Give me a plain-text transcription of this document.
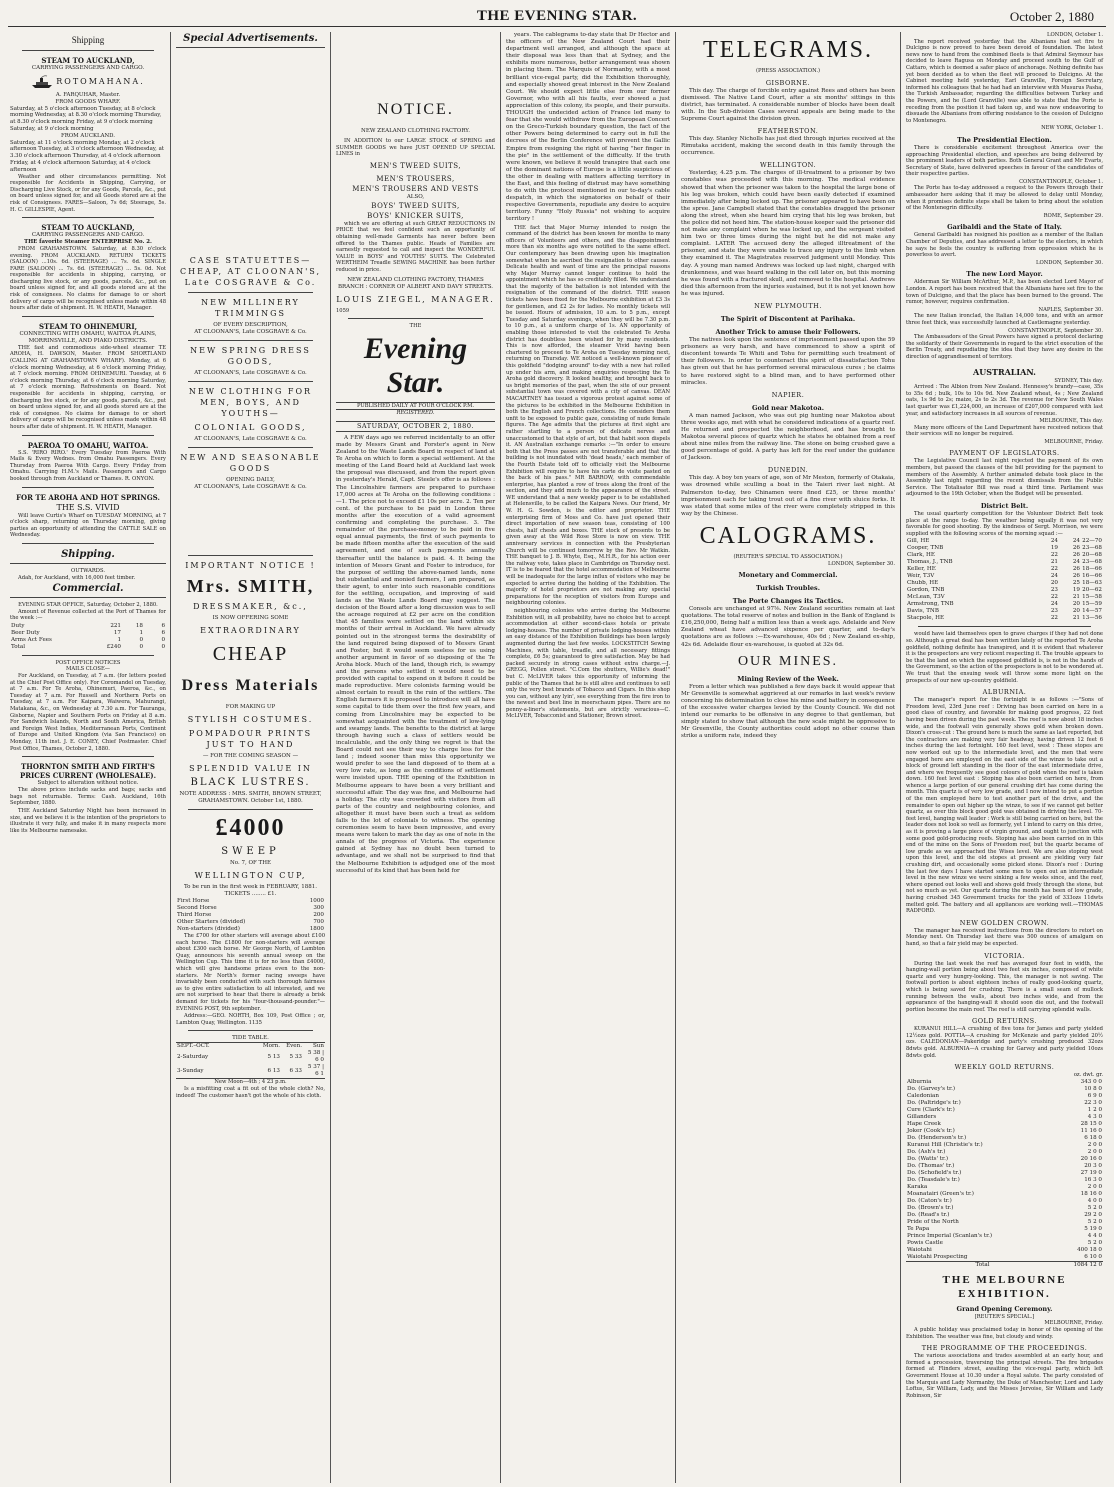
THE EVENING STAR.	October 2, 1880
Shipping
STEAM TO AUCKLAND,
CARRYING PASSENGERS AND CARGO.
ROTOMAHANA.
A. FARQUHAR, Master.
FROM GOODS WHARF.
Saturday, at 5 o'clock afternoon Tuesday, at 8 o'clock morning Wednesday, at 8.30 o'clock morning Thursday, at 8.30 o'clock morning Friday, at 9 o'clock morning Saturday, at 9 o'clock morning
FROM AUCKLAND.
Saturday, at 11 o'clock morning Monday, at 2 o'clock afternoon Tuesday, at 3 o'clock afternoon Wednesday, at 3.30 o'clock afternoon Thursday, at 4 o'clock afternoon Friday, at 4 o'clock afternoon Saturday, at 4 o'clock afternoon
Weather and other circumstances permitting. Not responsible for Accidents in Shipping, Carrying, or Discharging Live Stock, or for any Goods, Parcels, &c., put on board unless signed for, and all Goods stored are at the risk of Consignees. FARES—Saloon, 7s 6d; Steerage, 5s. H. C. GILLESPIE, Agent.
STEAM TO AUCKLAND,
CARRYING PASSENGERS AND CARGO.
THE favorite Steamer ENTERPRISE No. 2.
FROM GRAHAMSTOWN. Saturday, at 8.30 o'clock evening. FROM AUCKLAND. RETURN TICKETS (SALOON) ...10s. 6d. (STEERAGE) ... 7s. 6d. SINGLE FARE (SALOON) ... 7s. 6d. (STEERAGE) ... 5s. 0d. Not responsible for accidents in shipping, carrying, or discharging live stock, or any goods, parcels, &c., put on board unless signed for, and all goods stored are at the risk of consignees. No claims for damage to or short delivery of cargo will be recognised unless made within 48 hours after date of shipment. H. W. HEATH, Manager.
STEAM TO OHINEMURI,
CONNECTING WITH OMAHU, WAITOA PLAINS, MORRINSVILLE, AND PIAKO DISTRICTS.
THE fast and commodious side-wheel steamer TE AROHA, H. DAWSON, Master. FROM SHORTLAND (CALLING AT GRAHAMSTOWN WHARF). Monday, at 6 o'clock morning Wednesday, at 6 o'clock morning Friday, at 7 o'clock morning. FROM OHINEMURI. Tuesday, at 6 o'clock morning Thursday, at 6 o'clock morning Saturday, at 7 o'clock morning. Refreshments on Board. Not responsible for accidents in shipping, carrying, or discharging live stock, or for any goods, parcels, &c., put on board unless signed for, and all goods stored are at the risk of consignee. No claims for damage to or short delivery of cargo will be recognised unless made within 48 hours after date of shipment. H. W. HEATH, Manager.
PAEROA TO OMAHU, WAITOA.
S.S. 'RIRO RIRO.' Every Tuesday from Paeroa With Mails & Every Wednes. from Omahu Passengers. Every Thursday from Paeroa With Cargo. Every Friday from Omahu. Carrying H.M.'s Mails. Passengers and Cargo booked through from Auckland or Thames. R. ONYON.
FOR TE AROHA AND HOT SPRINGS.
THE S.S. VIVID
Will leave Curtis's Wharf on TUESDAY MORNING, at 7 o'clock sharp, returning on Thursday morning, giving parties an opportunity of attending the CATTLE SALE on Wednesday.
Shipping.
OUTWARDS.
Adah, for Auckland, with 16,000 feet timber.
Commercial.
EVENING STAR OFFICE, Saturday, October 2, 1880.
Amount of Revenue collected at the Port of Thames for the week :—
Duty	221	18	6
Beer Duty	17	1	6
Arms Act Fees	1	0	0
Total	£240	0	0
POST OFFICE NOTICES
MAILS CLOSE—
For Auckland, on Tuesday, at 7 a.m. (for letters posted at the Chief Post Office only). For Coromandel on Tuesday, at 7 a.m. For Te Aroha, Ohinemuri, Paeroa, &c., on Tuesday at 7 a.m. For Russell and Northern Ports on Tuesday, at 7 a.m. For Kaipara, Waiwera, Mahurangi, Matakana, &c., on Wednesday at 7.30 a.m. For Tauranga, Gisborne, Napier and Southern Ports on Friday at 8 a.m. For Sandwich Islands, North and South America, British and Foreign West Indies, Mediterranean Ports, Continent of Europe and United Kingdom (via San Francisco) on Monday, 11th inst. J. E. CONEY, Chief Postmaster. Chief Post Office, Thames, October 2, 1880.
THORNTON SMITH AND FIRTH'S PRICES CURRENT (WHOLESALE).
Subject to alteration without notice.
The above prices include sacks and bags; sacks and bags not returnable. Terms: Cash. Auckland, 16th September, 1880.
THE Auckland Saturday Night has been increased in size, and we believe it is the intention of the proprietors to illustrate it very fully, and make it in many respects more like its Melbourne namesake.
Special Advertisements.
CASE STATUETTES—CHEAP, AT CLOONAN'S, Late COSGRAVE & Co.
NEW MILLINERY TRIMMINGS
OF EVERY DESCRIPTION,
AT CLOONAN'S, Late COSGRAVE & Co.
NEW SPRING DRESS GOODS,
AT CLOONAN'S, Late COSGRAVE & Co.
NEW CLOTHING FOR MEN, BOYS, AND YOUTHS—
COLONIAL GOODS,
AT CLOONAN'S, Late COSGRAVE & Co.
NEW AND SEASONABLE GOODS
OPENING DAILY,
AT CLOONAN'S, Late COSGRAVE & Co.
IMPORTANT NOTICE !
Mrs. SMITH,
DRESSMAKER, &c.,
IS NOW OFFERING SOME
EXTRAORDINARY
CHEAP
Dress Materials
FOR MAKING UP
STYLISH COSTUMES.
POMPADOUR PRINTS JUST TO HAND
— FOR THE COMING SEASON —
SPLENDID VALUE IN
BLACK LUSTRES.
NOTE ADDRESS : MRS. SMITH, BROWN STREET, GRAHAMSTOWN. October 1st, 1880.
£4000
SWEEP
No. 7, OF THE
WELLINGTON CUP,
To be run in the first week in FEBRUARY, 1881.
TICKETS ........ £1.
First Horse	1000
Second Horse	300
Third Horse	200
Other Starters (divided)	700
Non-starters (divided)	1800
The £700 for other starters will average about £100 each horse. The £1800 for non-starters will average about £300 each horse. Mr George North, of Lambton Quay, announces his seventh annual sweep on the Wellington Cup. This time it is for no less than £4000, which will give handsome prizes even to the non-starters. Mr North's former racing sweeps have invariably been conducted with such thorough fairness as to give entire satisfaction to all interested, and we are not surprised to hear that there is already a brisk demand for tickets for his "four-thousand-pounder."—EVENING POST, 9th september.
Address:—GEO. NORTH, Box 109, Post Office ; or, Lambton Quay, Wellington. 1135
TIDE TABLE.
SEPT.–OCT.	Morn.	Even.	Sun
2-Saturday	5 13	5 33	5 38 | 6 0
3-Sunday	6 13	6 33	5 37 | 6 1
New Moon—4th ; 4 23 p.m.
Is a misfitting coat a fit out of the whole cloth? No, indeed! The customer hasn't got the whole of his cloth.
NOTICE.
NEW ZEALAND CLOTHING FACTORY.
IN ADDITION to our LARGE STOCK of SPRING and SUMMER GOODS we have JUST OPENED UP SPECIAL LINES in
MEN'S TWEED SUITS,
MEN'S TROUSERS,
MEN'S TROUSERS AND VESTS
ALSO,
BOYS' TWEED SUITS,
BOYS' KNICKER SUITS,
which we are offering at such GREAT REDUCTIONS IN PRICE that we feel confident such an opportunity of obtaining well-made Garments has never before been offered to the Thames public. Heads of Families are earnestly requested to call and inspect the WONDERFUL VALUE in BOYS' and YOUTHS' SUITS. The Celebrated WERTHEIM Treadle SEWING MACHINE has been further reduced in price.
NEW ZEALAND CLOTHING FACTORY, THAMES BRANCH : CORNER OF ALBERT AND DAVY STREETS.
LOUIS ZIEGEL, MANAGER.
1059
THE
Evening Star.
PUBLISHED DAILY AT FOUR O'CLOCK P.M.
REGISTERED.
SATURDAY, OCTOBER 2, 1880.
A FEW days ago we referred incidentally to an offer made by Messrs Grant and Forster's agent in New Zealand to the Waste Lands Board in respect of land at Te Aroha on which to form a special settlement. At the meeting of the Land Board held at Auckland last week the proposal was discussed, and from the report given in yesterday's Herald, Capt. Steele's offer is as follows : The Lincolnshire farmers are prepared to purchase 17,000 acres at Te Aroha on the following conditions :—1. The price not to exceed £1 10s per acre. 2. Ten per cent. of the purchase to be paid in London three months after the execution of a valid agreement confirming and completing the purchase. 3. The remainder of the purchase-money to be paid in five equal annual payments, the first of such payments to be made fifteen months after the execution of the said agreement, and one of such payments annually thereafter until the balance is paid. 4. It being the intention of Messrs Grant and Foster to introduce, for the purpose of settling the above-named lands, none but substantial and monied farmers, I am prepared, as their agent, to enter into such reasonable conditions for the settling, occupation, and improving of said lands as the Waste Lands Board may suggest. The decision of the Board after a long discussion was to sell the acreage required at £2 per acre on the condition that 45 families were settled on the land within six months of their arrival in Auckland. We have already pointed out in the strongest terms the desirability of the land required being disposed of to Messrs Grant and Foster, but it would seem useless for us using another argument in favor of so disposing of the Te Aroha block. Much of the land, though rich, is swampy and the persons who settled it would need to be provided with capital to expend on it before it could be made reproductive. Mere colonists farming would be almost certain to result in the ruin of the settlers. The English farmers it is proposed to introduce will all have some capital to tide them over the first few years, and coming from Lincolnshire may be expected to be somewhat acquainted with the treatment of low-lying and swampy lands. The benefits to the district at large through having such a class of settlers would be incalculable, and the only thing we regret is that the Board could not see their way to charge less for the land ; indeed sooner than miss this opportunity we would prefer to see the land disposed of to them at a very low rate, as long as the conditions of settlement were insisted upon. THE opening of the Exhibition in Melbourne appears to have been a very brilliant and successful affair. The day was fine, and Melbourne had a holiday. The city was crowded with visitors from all parts of the country and neighbouring colonies, and altogether it must have been such a treat as seldom falls to the lot of colonials to witness. The opening ceremonies seem to have been impressive, and every means were taken to mark the day as one of note in the annals of the progress of Victoria. The experience gained at Sydney has no doubt been turned to advantage, and we shall not be surprised to find that the Melbourne Exhibition is adjudged one of the most successful of its kind that has been held for
years. The cablegrams to-day state that Dr Hector and the officers of the New Zealand Court had their department well arranged, and although the space at their disposal was less than that at Sydney, and the exhibits more numerous, better arrangement was shown in placing them. The Marquis of Normanby, with a most brilliant vice-regal party, did the Exhibition thoroughly, and especially showed great interest in the New Zealand Court. We should expect little else from our former Governor, who with all his faults, ever showed a just appreciation of this colony, its people, and their pursuits. THOUGH the undecided action of France led many to fear that she would withdraw from the European Concert on the Greco-Turkish boundary question, the fact of the other Powers being determined to carry out in full the decrees of the Berlin Conference will prevent the Gallic Empire from resigning the right of having "her finger in the pie" in the settlement of the difficulty. If the truth were known, we believe it would transpire that each one of the dominant nations of Europe is a little suspicious of the other in dealing with matters affecting territory in the East, and this feeling of distrust may have something to do with the protocol mentioned in our to-day's cable despatch, in which the signatories on behalf of their respective Governments, repudiate any desire to acquire territory. Funny "Holy Russia" not wishing to acquire territory !
THE fact that Major Murray intended to resign the command of the district has been known for months to many officers of Volunteers and others, and the disappointment more than six months ago were notified to the same effect. Our contemporary has been drawing upon his imagination somewhat when he ascribed the resignation to other causes. Delicate health and want of time are the principal reasons why Major Murray cannot longer continue to hold the appointment which he has so creditably filled. We understand that the majority of the battalion is not intended with the resignation of the command of the district. THE season tickets have been fixed for the Melbourne exhibition at £3 3s for gentlemen, and £2 2s for ladies. No monthly tickets will be issued. Hours of admission, 10 a.m. to 5 p.m., except Tuesday and Saturday evenings, when they will be 7.30 p.m. to 10 p.m., at a uniform charge of 1s. AN opportunity of enabling those interested to visit the celebrated Te Aroha district has doubtless been wished for by many residents. This is now afforded, the steamer Vivid having been chartered to proceed to Te Aroha on Tuesday morning next, returning on Thursday. WE noticed a well-known pioneer of this goldfield "dodging around" to-day with a new hat rolled up under his arm, and making enquiries respecting the Te Aroha gold discovery. It looked healthy, and brought back to us bright memories of the past, when the site of our present substantial town was covered with a city of canvas. DEAN MACARTNEY has issued a vigorous protest against some of the pictures to be exhibited in the Melbourne Exhibition in both the English and French collections. He considers them unfit to be exposed to public gaze, consisting of nude female figures. The Age admits that the pictures at first sight are rather startling to a person of delicate nerves and unaccustomed to that style of art, but that habit soon dispels it. AN Australian exchange remarks :—"In order to ensure both that the Press passes are not transferable and that the building is not inundated with 'dead heads,' each member of the Fourth Estate told off to officially visit the Melbourne Exhibition will require to have his carte de visite pasted on the back of his pass." MR BARROW, with commendable enterprise, has planted a row of trees along the front of the section, and they add much to the appearance of the street. WE understand that a new weekly paper is to be established at Helensville, to be called the Kaipara News. Our friend, Mr W. H. G. Sowden, is the editor and proprietor. THE enterprising firm of Moss and Co. have just opened their direct importation of new season teas, consisting of 100 chests, half chests and boxes. THE stock of presents to be given away at the Wild Rose Store is now on view. THE anniversary services in connection with the Presbyterian Church will be continued tomorrow by the Rev. Mr Watkin. THE banquet to J. B. Whyte, Esq., M.H.R., for his action over the railway vote, takes place in Cambridge on Thursday next. IT is to be feared that the hotel accommodation of Melbourne will be inadequate for the large influx of visitors who may be expected to arrive during the holding of the Exhibition. The majority of hotel proprietors are not making any special preparations for the reception of visitors from Europe and neighbouring colonies.
neighbouring colonies who arrive during the Melbourne Exhibition will, in all probability, have no choice but to accept accommodation at either second-class hotels or private lodging-houses. The number of private lodging-houses within an easy distance of the Exhibition Buildings has been largely augmented during the last few weeks. LOCKSTITCH Sewing Machines, with table, treadle, and all necessary fittings complete, £6 5s; guaranteed to give satisfaction. May be had packed securely in strong cases without extra charge.—J. GREGG, Pollen street. "C.Com the shutters, Willie's dead!" but C. McLIVER takes this opportunity of informing the public of the Thames that he is still alive and continues to sell only the very best brands of Tobacco and Cigars. In this shop you can, without any lyin', see everything from the fire iron to the newest and best line in meerschaum pipes. There are no penny-a-liner's statements, but are strictly veracious—C. McLIVER, Tobacconist and Stationer, Brown street.
TELEGRAMS.
(PRESS ASSOCIATION.)
GISBORNE.
This day. The charge of forcible entry against Rees and others has been dismissed. The Native Land Court, after a six months' sittings in this district, has terminated. A considerable number of blocks have been dealt with. In the Sub-division Cases several appeals are being made to the Supreme Court against the division given.
FEATHERSTON.
This day. Stanley Nicholls has just died through injuries received at the Rimutaka accident, making the second death in this family through the occurrence.
WELLINGTON.
Yesterday, 4.25 p.m. The charges of ill-treatment to a prisoner by two constables was proceeded with this morning. The medical evidence showed that when the prisoner was taken to the hospital the large bone of his leg was broken, which could have been easily detected if examined immediately after being locked up. The prisoner appeared to have been on the spree. Jane Campbell stated that the constables dragged the prisoner along the street, when she heard him crying that his leg was broken, but the police did not heed him. The station-house keeper said the prisoner did not make any complaint when he was locked up, and the sergeant visited him two or three times during the night but he did not make any complaint. LATER The accused deny the alleged illtreatment of the prisoner, and state they were unable to trace any injury to the limb when they examined it. The Magistrates reserved judgment until Monday. This day. A young man named Andrews was locked up last night, charged with drunkenness, and was heard walking in the cell later on, but this morning he was found with a fractured skull, and removed to the hospital. Andrews died this afternoon from the injuries sustained, but it is not yet known how he was injured.
NEW PLYMOUTH.
The Spirit of Discontent at Parihaka.
Another Trick to amuse their Followers.
The natives look upon the sentence of imprisonment passed upon the 59 prisoners as very harsh, and have commenced to show a spirit of discontent towards Te Whiti and Tohu for permitting such treatment of their followers. In order to counteract this spirit of dissatisfaction Tohu has given out that he has performed several miraculous cures ; he claims to have restored sight to a blind man, and to have performed other miracles.
NAPIER.
Gold near Makotoa.
A man named Jackson, who was out pig hunting near Makotoa about three weeks ago, met with what he considered indications of a quartz reef. He returned and prospected the neighborhood, and has brought to Makotoa several pieces of quartz which he states he obtained from a reef about nine miles from the railway line. The stone on being crushed gave a good percentage of gold. A party has left for the reef under the guidance of Jackson.
DUNEDIN.
This day. A boy ten years of age, son of Mr Meston, formerly of Otakaia, was drowned while sculling a boat in the Taieri river last night. At Palmerston to-day, two Chinamen were fined £25, or three months' imprisonment each for taking trout out of a fine river with sluice forks. It was stated that some miles of the river were completely stripped in this way by the Chinese.
CALOGRAMS.
(REUTER'S SPECIAL TO ASSOCIATION.)
LONDON, September 30.
Monetary and Commercial.
Turkish Troubles.
The Porte Changes its Tactics.
Consols are unchanged at 97⅝. New Zealand securities remain at last quotations. The total reserve of notes and bullion in the Bank of England is £16,250,000, Being half a million less than a week ago. Adelaide and New Zealand wheat have advanced sixpence per quarter, and to-day's quotations are as follows :—Ex-warehouse, 40s 6d ; New Zealand ex-ship, 42s 6d. Adelaide flour ex-warehouse, is quoted at 32s 6d.
OUR MINES.
Mining Review of the Week.
From a letter which was published a few days back it would appear that Mr Greenville is somewhat aggrieved at our remarks in last week's review concerning his determination to close his mine and battery in consequence of the excessive water charges levied by the County Council. We did not intend our remarks to be offensive in any degree to that gentleman, but simply stated to show that although the new scale might be oppressive to Mr Greenville, the County authorities could adopt no other course than strike a uniform rate, indeed they
LONDON, October 1.
The report received yesterday that the Albanians had set fire to Dulcigno is now proved to have been devoid of foundation. The latest news now to hand from the combined fleets is that Admiral Seymour has decided to leave Ragusa on Monday and proceed south to the Gulf of Cattaro, which is deemed a safer place of anchorage. Nothing definite has yet been decided as to when the fleet will proceed to Dulcigno. At the Cabinet meeting held yesterday, Earl Granville, Foreign Secretary, informed his colleagues that he had had an interview with Musurus Pasha, the Turkish Ambassador, regarding the difficulties between Turkey and the Powers, and he (Lord Granville) was able to state that the Porte is receding from the position it had taken up, and was now endeavoring to dissuade the Albanians from offering resistance to the cession of Dulcigno to Montenegro.
NEW YORK, October 1.
The Presidential Election.
There is considerable excitement throughout America over the approaching Presidential election, and speeches are being delivered by the prominent leaders of both parties. Both General Grant and Mr Evarts, Secretary of State, have delivered speeches in favour of the candidates of their respective parties.
CONSTANTINOPLE, October 1.
The Porte has to-day addressed a request to the Powers through their ambassador here asking that it may be allowed to delay until Monday, when it promises definite steps shall be taken to bring about the solution of the Montenegrin difficulty.
ROME, September 29.
Garibaldi and the State of Italy.
General Garibaldi has resigned his position as a member of the Italian Chamber of Deputies, and has addressed a letter to the electors, in which he says he feels the country is suffering from oppression which he is powerless to avert.
LONDON, September 30.
The new Lord Mayor.
Alderman Sir William McArthur, M.P., has been elected Lord Mayor of London. A report has been received that the Albanians have set fire to the town of Dulcigno, and that the place has been burned to the ground. The rumor, however, requires confirmation.
NAPLES, September 30.
The new Italian ironclad, the Italian 14,000 tons, and with an armor three feet thick, was successfully launched at Castlemagne yesterday.
CONSTANTINOPLE, September 30.
The Ambassadors of the Great Powers have signed a protocol declaring the solidarity of their Governments in regard to the strict execution of the Berlin Treaty, and repudiating the idea that they have any desire in the direction of aggrandisement of territory.
AUSTRALIAN.
SYDNEY, This day.
Arrived : The Albion from New Zealand. Hennessy's brandy—case, 35s to 35s 6d ; bulk, 10s to 10s 9d. New Zealand wheat, 4s ; New Zealand oats, 1s 9d to 2s; maize, 2s to 2s 3d. The revenue for New South Wales last quarter was £1,224,000, an increase of £207,000 compared with last year, and satisfactory increases in all sources of revenue.
MELBOURNE, This day.
Many more officers of the Land Department have received notices that their services will no longer be required.
MELBOURNE, Friday.
PAYMENT OF LEGISLATORS.
The Legislative Council last night rejected the payment of its own members, but passed the clauses of the bill providing for the payment to members of the Assembly. A further animated debate took place in the Assembly last night regarding the recent dismissals from the Public Service. The Totalisator Bill was read a third time. Parliament was adjourned to the 19th October, when the Budget will be presented.
District Belt.
The usual quarterly competition for the Volunteer District Belt took place at the range to-day. The weather being squally it was not very favorable for good shooting. By the kindness of Sergt. Morrison, we were supplied with the following scores of the morning squad :—
Gill, HE	24	24	22—70
Cooper, TNB	19	26	23—68
Clark, HE	22	26	20—68
Thomas, J., TNB	21	24	23—68
Keller, HE	22	26	18—66
Weir, T3V	24	26	16—66
Chubb, HE	20	25	18—63
Gordon, TNB	23	19	20—62
McLean, T3V	22	21	15—58
Armstrong, TNB	24	20	15—59
Davis, TNB	23	20	14—57
Stacpole, HE	22	21	13—56
would have laid themselves open to grave charges if they had not done so. Although a great deal has been written lately of the reported Te Aroha goldfield, nothing definite has transpired, and it is evident that whatever it is the prospectors are very reticent respecting it. The trouble appears to be that the land on which the supposed goldfield is, is not in the hands of the Government, so the action of the prospectors is not to be wondered at. We trust that the ensuing week will throw some more light on the prospects of our new up-country goldfield.
ALBURNIA.
The manager's report for the fortnight is as follows :—"Sons of Freedom level, 23rd June reef : Driving has been carried on here in a good class of country, and favorable for making good progress, 22 feet having been driven during the past week. The reef is now about 18 inches wide, and the footwall vein generally shows gold when broken down. Dixon's cross-cut : The ground here is much the same as last reported, but the contractors are making very fair headway, having driven 12 feet 6 inches during the last fortnight. 160 feet level, west : These stopes are now worked out up to the intermediate level, and the men that were engaged here are employed on the east side of the winze to take out a block of ground left standing in the floor of the east intermediate drive, and where we frequently see good colours of gold when the reef is taken down. 160 feet level east : Stoping has also been carried on here, from whence a large portion of our general crushing dirt has come during the month. This quartz is of very low grade, and I now intend to put a portion of the men employed here to test another part of the drive, and the remainder to open out higher up the winze, to see if we cannot get better quartz, as over this block good gold was obtained in driving the level. 70-feet level, hanging wall leader : Work is still being carried on here, but the leader does not look so well as formerly, yet I intend to carry on this drive, as it is proving a large piece of virgin ground, and ought to junction with some good gold-producing reefs. Stoping has also been carried on in this end of the mine on the Sons of Freedom reef, but the quartz became of low grade as we approached the Wises level. We are also stoping west upon this level, and the old stopes at present are yielding very fair crushing dirt, and occasionally some picked stone. Dixon's reef : During the last few days I have started some men to open out an intermediate level in the new winze we were sinking a few weeks since, and the reef, where opened out looks well and shows gold freely through the stone, but not so much as yet. Our quartz during the month has been of low grade, having crushed 345 Government trucks for the yield of 333ozs 11dwts melted gold. The battery and all appliances are working well.—THOMAS RADFORD.
NEW GOLDEN CROWN.
The manager has received instructions from the directors to retort on Monday next. On Thursday last there was 500 ounces of amalgam on hand, so that a fair yield may be expected.
VICTORIA.
During the last week the reef has averaged four feet in width, the hanging-wall portion being about two feet six inches, composed of white quartz and very hungry-looking. This, the manager is not saving. The footwall portion is about eighteen inches of really good-looking quartz, which is being saved for crushing. There is a small seam of mullock running between the walls, about two inches wide, and from the appearance of the hanging-wall it should soon die out, and the footwall portion become the main reef. The reef is still carrying splendid walls.
GOLD RETURNS.
KURANUI HILL—A crushing of five tons for James and party yielded 12½ozs gold. POTTIA—A crushing for McKenzie and party yielded 20½ ozs. CALEDONIAN—Pakeridge and party's crushing produced 32ozs 8dwts gold. ALBURNIA—A crushing for Garvey and party yielded 10ozs 8dwts gold.
WEEKLY GOLD RETURNS.
oz. dwt. gr.
Alburnia	343 0 0
Do. (Garvey's tr.)	10 8 0
Caledonian	6 9 0
Do. (Paltridge's tr.)	22 3 0
Cure (Clark's tr.)	1 2 0
Gillanders	4 3 0
Hape Creek	28 15 0
Joker (Cook's tr.)	11 16 0
Do. (Henderson's tr.)	6 18 0
Kuranui Hill (Christie's tr.)	2 0 0
Do. (Ash's tr.)	2 0 0
Do. (Watts' tr.)	20 16 0
Do. (Thomas' tr.)	20 3 0
Do. (Schofield's tr.)	27 19 0
Do. (Teasdale's tr.)	16 3 0
Karaka	2 0 0
Moanatairi (Green's tr.)	18 16 0
Do. (Caton's tr.)	4 0 0
Do. (Brown's tr.)	5 2 0
Do. (Read's tr.)	29 2 0
Pride of the North	5 2 0
Te Papa	5 19 0
Prince Imperial (Scanlan's tr.)	4 4 0
Powis Castle	5 2 0
Waiotahi	400 18 0
Waiotahi Prospecting	6 10 0
Total	1084 12 0
THE MELBOURNE EXHIBITION.
Grand Opening Ceremony.
[REUTER'S SPECIAL.]
MELBOURNE, Friday.
A public holiday was proclaimed today in honor of the opening of the Exhibition. The weather was fine, but cloudy and windy.
THE PROGRAMME OF THE PROCEEDINGS.
The various associations and trades assembled at an early hour, and formed a procession, traversing the principal streets. The fire brigades formed at Flinders street, awaiting the vice-regal party, which left Government House at 10.30 under a Royal salute. The party consisted of the Marquis and Lady Normanby, the Duke of Manchester, Lord and Lady Loftus, Sir William, Lady, and the Misses Jervoise, Sir William and Lady Robinson, Sir
